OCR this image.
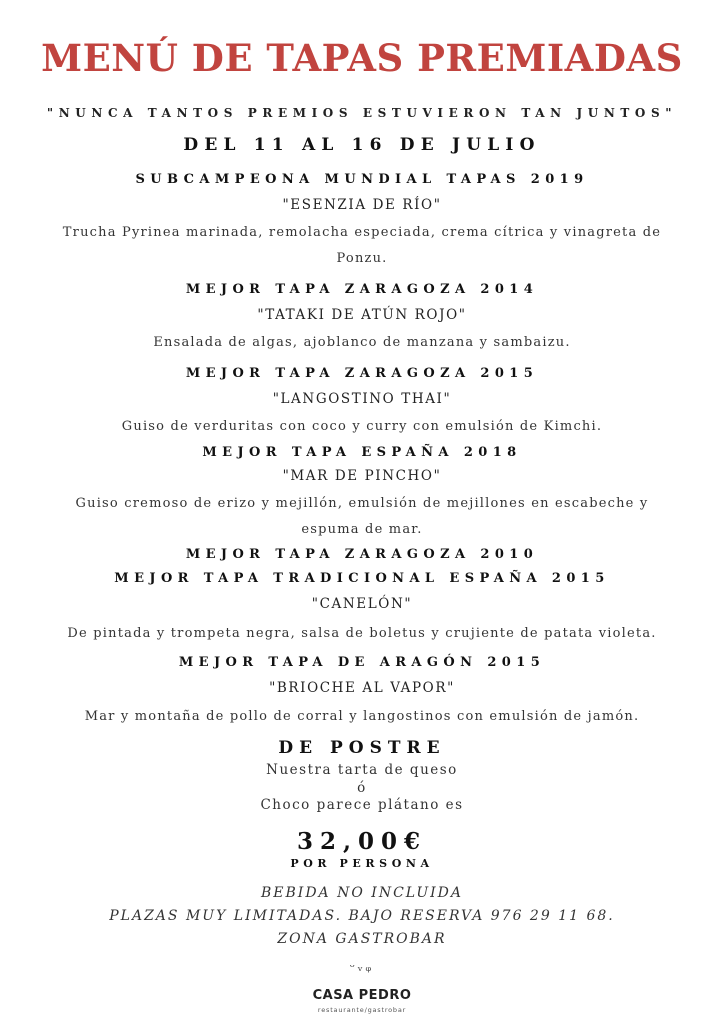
MENÚ DE TAPAS PREMIADAS
"NUNCA TANTOS PREMIOS ESTUVIERON TAN JUNTOS"
DEL 11 AL 16 DE JULIO
SUBCAMPEONA MUNDIAL TAPAS 2019
"ESENZIA DE RÍO"
Trucha Pyrinea marinada, remolacha especiada, crema cítrica y vinagreta de Ponzu.
MEJOR TAPA ZARAGOZA 2014
"TATAKI DE ATÚN ROJO"
Ensalada de algas, ajoblanco de manzana y sambaizu.
MEJOR TAPA ZARAGOZA 2015
"LANGOSTINO THAI"
Guiso de verduritas con coco y curry con emulsión de Kimchi.
MEJOR TAPA ESPAÑA 2018
"MAR DE PINCHO"
Guiso cremoso de erizo y mejillón, emulsión de mejillones en escabeche y espuma de mar.
MEJOR TAPA ZARAGOZA 2010
MEJOR TAPA TRADICIONAL ESPAÑA 2015
"CANELÓN"
De pintada y trompeta negra, salsa de boletus y crujiente de patata violeta.
MEJOR TAPA DE ARAGÓN 2015
"BRIOCHE AL VAPOR"
Mar y montaña de pollo de corral y langostinos con emulsión de jamón.
DE POSTRE
Nuestra tarta de queso
ó
Choco parece plátano es
32,00€
POR PERSONA
BEBIDA NO INCLUIDA
PLAZAS MUY LIMITADAS. BAJO RESERVA 976 29 11 68.
ZONA GASTROBAR
ᵕᵥᵩ
CASA PEDRO
restaurante/gastrobar
